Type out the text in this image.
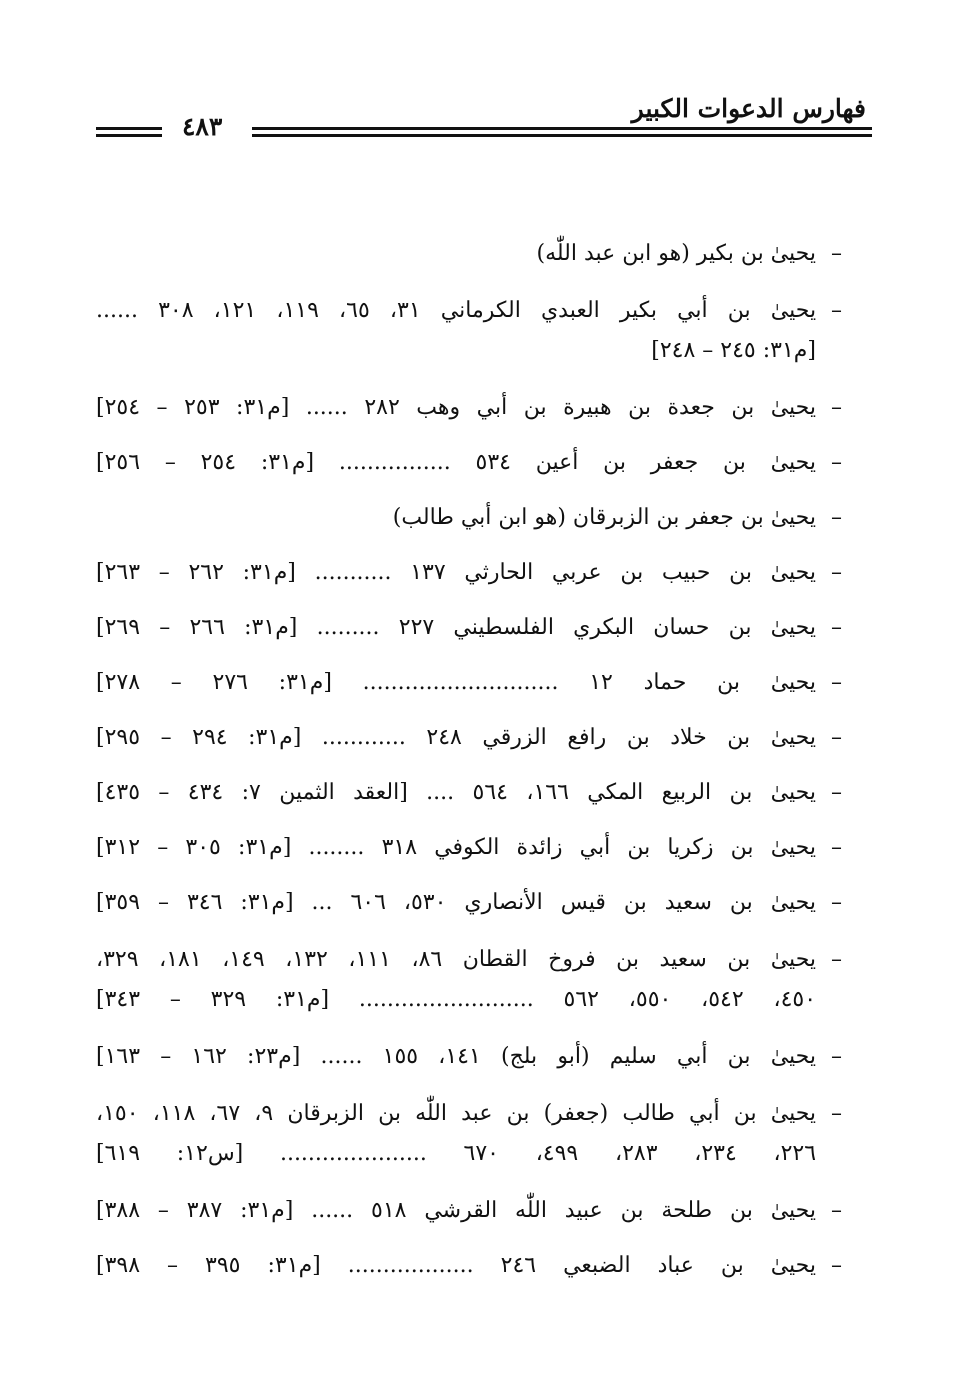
فهارس الدعوات الكبير
٤٨٣
–
يحيىٰ بن بكير (هو ابن عبد اللّٰه)
–
يحيىٰ بن أبي بكير العبدي الكرماني ٣١، ٦٥، ١١٩، ١٢١، ٣٠٨ ......
[م٣١: ٢٤٥ – ٢٤٨]
–
يحيىٰ بن جعدة بن هبيرة بن أبي وهب ٢٨٢ ...... [م٣١: ٢٥٣ – ٢٥٤]
–
يحيىٰ بن جعفر بن أعين ٥٣٤ ................ [م٣١: ٢٥٤ – ٢٥٦]
–
يحيىٰ بن جعفر بن الزبرقان (هو ابن أبي طالب)
–
يحيىٰ بن حبيب بن عربي الحارثي ١٣٧ ........... [م٣١: ٢٦٢ – ٢٦٣]
–
يحيىٰ بن حسان البكري الفلسطيني ٢٢٧ ......... [م٣١: ٢٦٦ – ٢٦٩]
–
يحيىٰ بن حماد ١٢ ............................ [م٣١: ٢٧٦ – ٢٧٨]
–
يحيىٰ بن خلاد بن رافع الزرقي ٢٤٨ ............ [م٣١: ٢٩٤ – ٢٩٥]
–
يحيىٰ بن الربيع المكي ١٦٦، ٥٦٤ .... [العقد الثمين ٧: ٤٣٤ – ٤٣٥]
–
يحيىٰ بن زكريا بن أبي زائدة الكوفي ٣١٨ ........ [م٣١: ٣٠٥ – ٣١٢]
–
يحيىٰ بن سعيد بن قيس الأنصاري ٥٣٠، ٦٠٦ ... [م٣١: ٣٤٦ – ٣٥٩]
–
يحيىٰ بن سعيد بن فروخ القطان ٨٦، ١١١، ١٣٢، ١٤٩، ١٨١، ٣٢٩،
٤٥٠، ٥٤٢، ٥٥٠، ٥٦٢ ......................... [م٣١: ٣٢٩ – ٣٤٣]
–
يحيىٰ بن أبي سليم (أبو بلج) ١٤١، ١٥٥ ...... [م٢٣: ١٦٢ – ١٦٣]
–
يحيىٰ بن أبي طالب (جعفر) بن عبد اللّٰه بن الزبرقان ٩، ٦٧، ١١٨، ١٥٠،
٢٢٦، ٢٣٤، ٢٨٣، ٤٩٩، ٦٧٠ ..................... [س١٢: ٦١٩]
–
يحيىٰ بن طلحة بن عبيد اللّٰه القرشي ٥١٨ ...... [م٣١: ٣٨٧ – ٣٨٨]
–
يحيىٰ بن عباد الضبعي ٢٤٦ .................. [م٣١: ٣٩٥ – ٣٩٨]
